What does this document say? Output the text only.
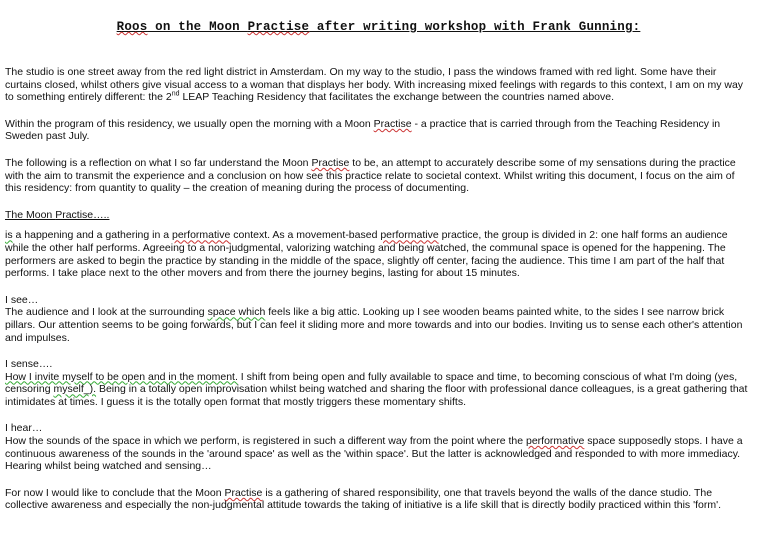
Roos on the Moon Practise after writing workshop with Frank Gunning:

The studio is one street away from the red light district in Amsterdam. On my way to the studio, I pass the windows framed with red light. Some have their curtains closed, whilst others give visual access to a woman that displays her body. With increasing mixed feelings with regards to this context, I am on my way to something entirely different: the 2nd LEAP Teaching Residency that facilitates the exchange between the countries named above.

Within the program of this residency, we usually open the morning with a Moon Practise - a practice that is carried through from the Teaching Residency in Sweden past July.

The following is a reflection on what I so far understand the Moon Practise to be, an attempt to accurately describe some of my sensations during the practice with the aim to transmit the experience and a conclusion on how see this practice relate to societal context. Whilst writing this document, I focus on the aim of this residency: from quantity to quality – the creation of meaning during the process of documenting.

The Moon Practise…..

is a happening and a gathering in a performative context. As a movement-based performative practice, the group is divided in 2: one half forms an audience while the other half performs. Agreeing to a non-judgmental, valorizing watching and being watched, the communal space is opened for the happening. The performers are asked to begin the practice by standing in the middle of the space, slightly off center, facing the audience. This time I am part of the half that performs. I take place next to the other movers and from there the journey begins, lasting for about 15 minutes.

I see…
The audience and I look at the surrounding space which feels like a big attic. Looking up I see wooden beams painted white, to the sides I see narrow brick pillars. Our attention seems to be going forwards, but I can feel it sliding more and more towards and into our bodies. Inviting us to sense each other's attention and impulses.

I sense….
How I invite myself to be open and in the moment. I shift from being open and fully available to space and time, to becoming conscious of what I'm doing (yes, censoring myself_). Being in a totally open improvisation whilst being watched and sharing the floor with professional dance colleagues, is a great gathering that intimidates at times. I guess it is the totally open format that mostly triggers these momentary shifts.

I hear…
How the sounds of the space in which we perform, is registered in such a different way from the point where the performative space supposedly stops. I have a continuous awareness of the sounds in the 'around space' as well as the 'within space'. But the latter is acknowledged and responded to with more immediacy. Hearing whilst being watched and sensing…

For now I would like to conclude that the Moon Practise is a gathering of shared responsibility, one that travels beyond the walls of the dance studio. The collective awareness and especially the non-judgmental attitude towards the taking of initiative is a life skill that is directly bodily practiced within this 'form'.
